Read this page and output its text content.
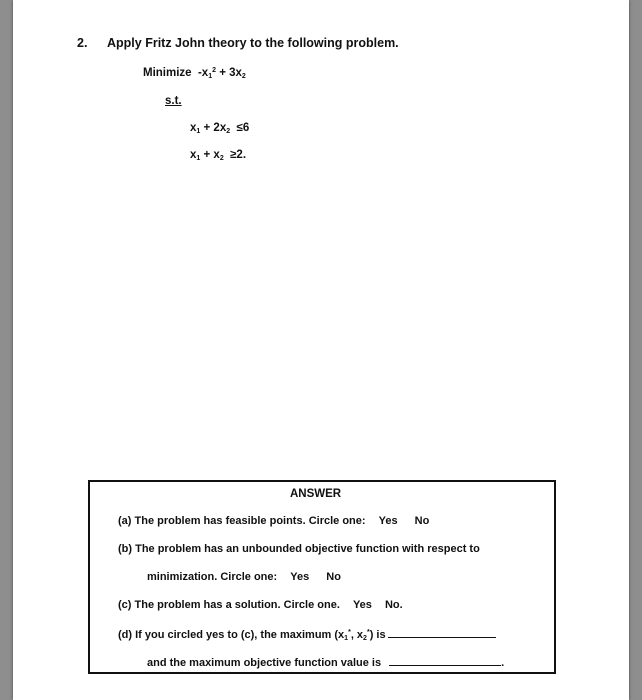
2. Apply Fritz John theory to the following problem.
Minimize $-x_1^2 + 3x_2$
s.t.
$x_1 + 2x_2 \le 6$
$x_1 + x_2 \ge 2$.
ANSWER
(a) The problem has feasible points. Circle one: Yes No
(b) The problem has an unbounded objective function with respect to
minimization. Circle one: Yes No
(c) The problem has a solution. Circle one. Yes No.
(d) If you circled yes to (c), the maximum ($x_1^*$, $x_2^*$) is
and the maximum objective function value is	.
